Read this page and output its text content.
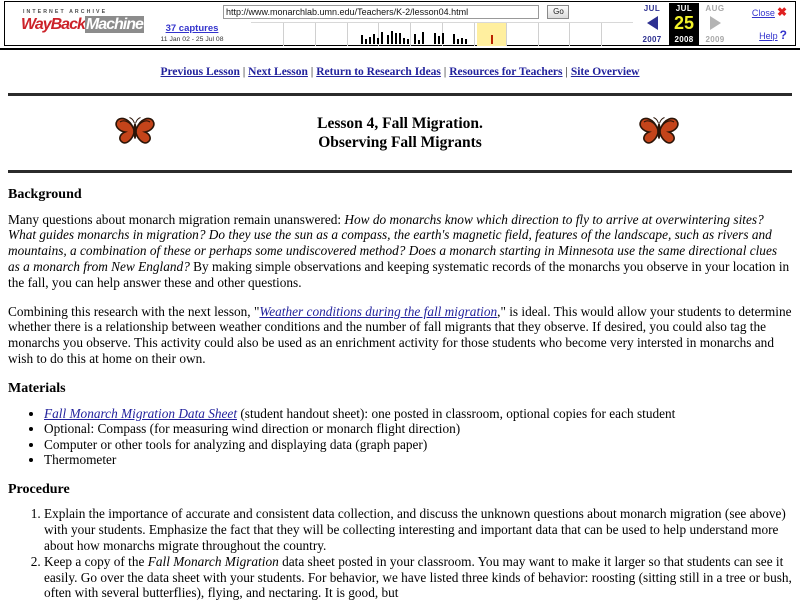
INTERNET ARCHIVE
WayBackMachine	37 captures
11 Jan 02 - 25 Jul 08
http://www.monarchlab.umn.edu/Teachers/K-2/lesson04.html Go	JUL
2007
JUL
25
2008
AUG
2009
Close ✖
Help ?
Previous Lesson | Next Lesson | Return to Research Ideas | Resources for Teachers | Site Overview
Lesson 4, Fall Migration.
Observing Fall Migrants
Background

Many questions about monarch migration remain unanswered: How do monarchs know which direction to fly to arrive at overwintering sites? What guides monarchs in migration? Do they use the sun as a compass, the earth's magnetic field, features of the landscape, such as rivers and mountains, a combination of these or perhaps some undiscovered method? Does a monarch starting in Minnesota use the same directional clues as a monarch from New England? By making simple observations and keeping systematic records of the monarchs you observe in your location in the fall, you can help answer these and other questions.

Combining this research with the next lesson, "Weather conditions during the fall migration," is ideal. This would allow your students to determine whether there is a relationship between weather conditions and the number of fall migrants that they observe. If desired, you could also tag the monarchs you observe. This activity could also be used as an enrichment activity for those students who become very intersted in monarchs and wish to do this at home on their own.

Materials
• Fall Monarch Migration Data Sheet (student handout sheet): one posted in classroom, optional copies for each student
• Optional: Compass (for measuring wind direction or monarch flight direction)
• Computer or other tools for analyzing and displaying data (graph paper)
• Thermometer
Procedure
1. Explain the importance of accurate and consistent data collection, and discuss the unknown questions about monarch migration (see above) with your students. Emphasize the fact that they will be collecting interesting and important data that can be used to help understand more about how monarchs migrate throughout the country.
2. Keep a copy of the Fall Monarch Migration data sheet posted in your classroom. You may want to make it larger so that students can see it easily. Go over the data sheet with your students. For behavior, we have listed three kinds of behavior: roosting (sitting still in a tree or bush, often with several butterflies), flying, and nectaring. It is good, but
